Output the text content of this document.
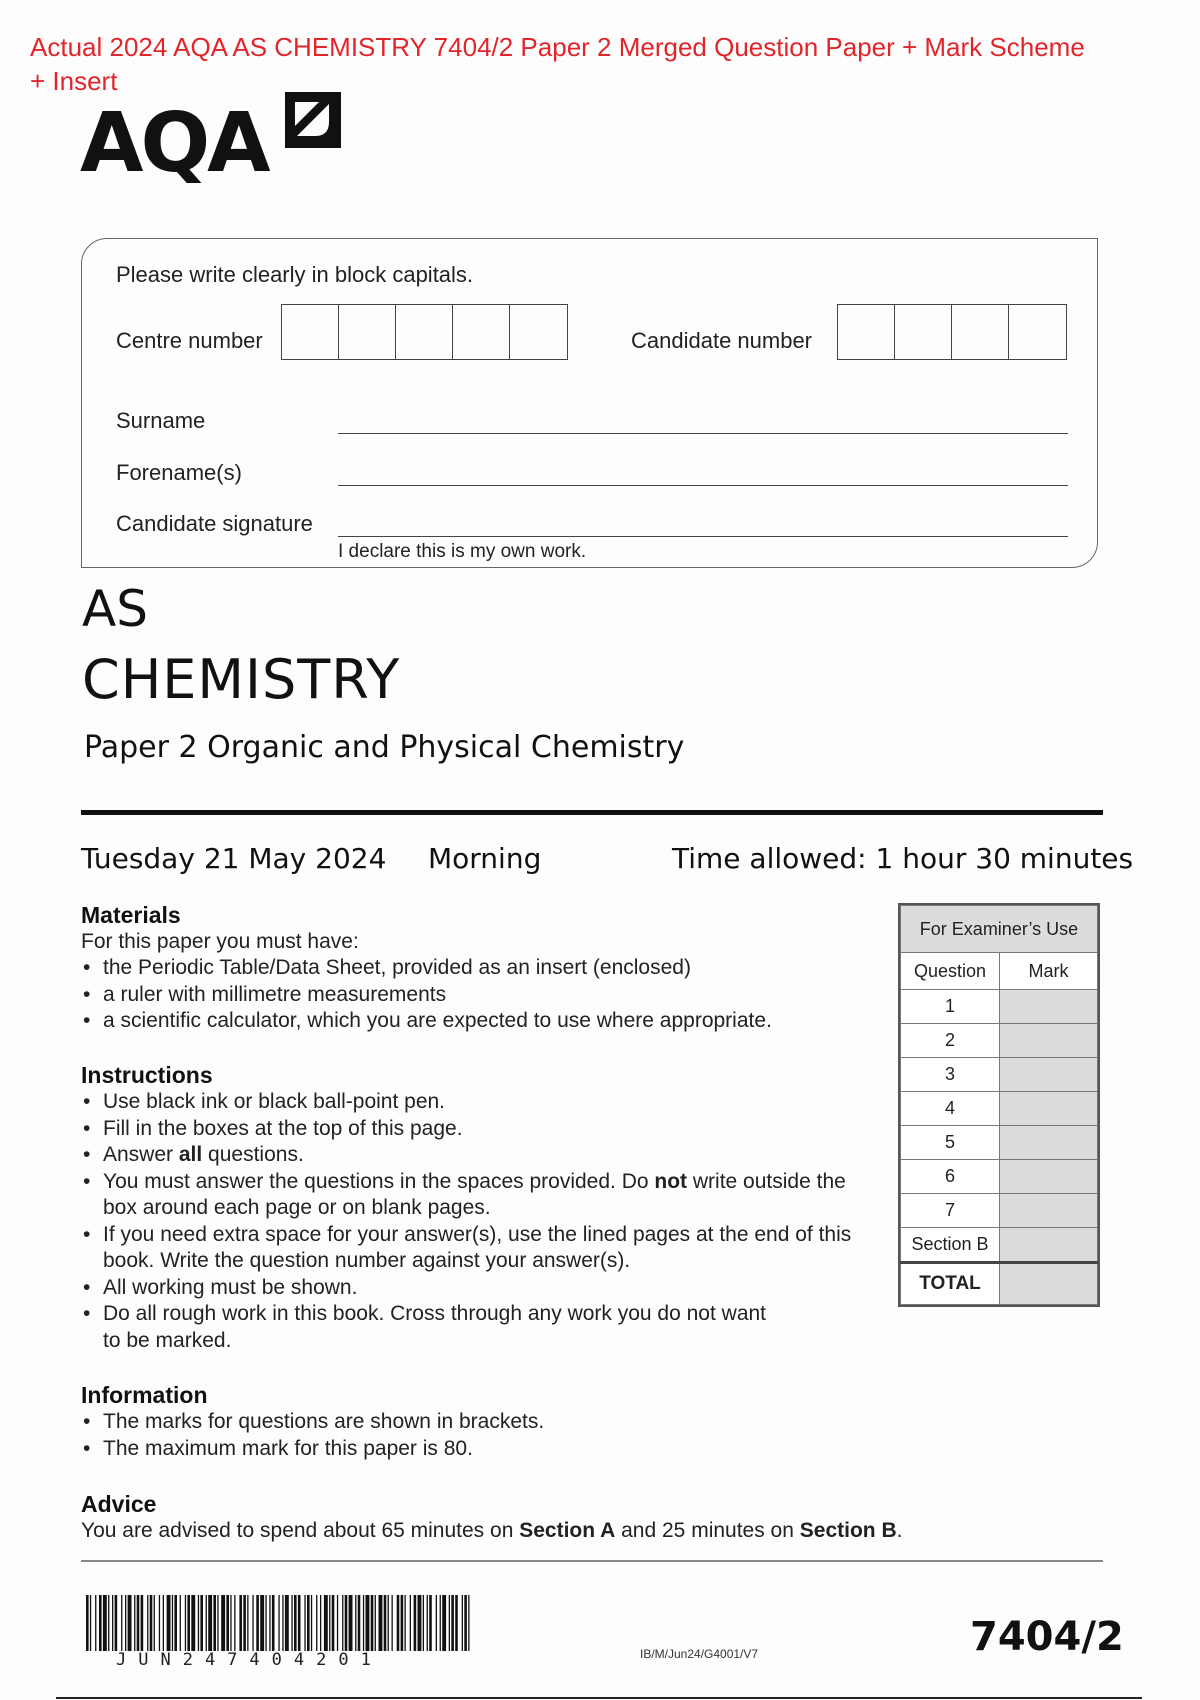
Actual 2024 AQA AS CHEMISTRY 7404/2 Paper 2 Merged Question Paper + Mark Scheme + Insert
AQA
Please write clearly in block capitals.
Centre number	Candidate number
Surname
Forename(s)
Candidate signature
I declare this is my own work.
AS
CHEMISTRY
Paper 2 Organic and Physical Chemistry
Tuesday 21 May 2024 Morning	Time allowed: 1 hour 30 minutes
Materials

For this paper you must have:

• the Periodic Table/Data Sheet, provided as an insert (enclosed)
• a ruler with millimetre measurements
• a scientific calculator, which you are expected to use where appropriate.
Instructions
• Use black ink or black ball-point pen.
• Fill in the boxes at the top of this page.
• Answer all questions.
• You must answer the questions in the spaces provided. Do not write outside the box around each page or on blank pages.
• If you need extra space for your answer(s), use the lined pages at the end of this book. Write the question number against your answer(s).
• All working must be shown.
• Do all rough work in this book. Cross through any work you do not want to be marked.
Information
• The marks for questions are shown in brackets.
• The maximum mark for this paper is 80.
Advice

You are advised to spend about 65 minutes on Section A and 25 minutes on Section B.

For Examiner’s Use	
Question	Mark
1	
2	
3	
4	
5	
6	
7	
Section B	
TOTAL	
JUN247404201	IB/M/Jun24/G4001/V7	7404/2
